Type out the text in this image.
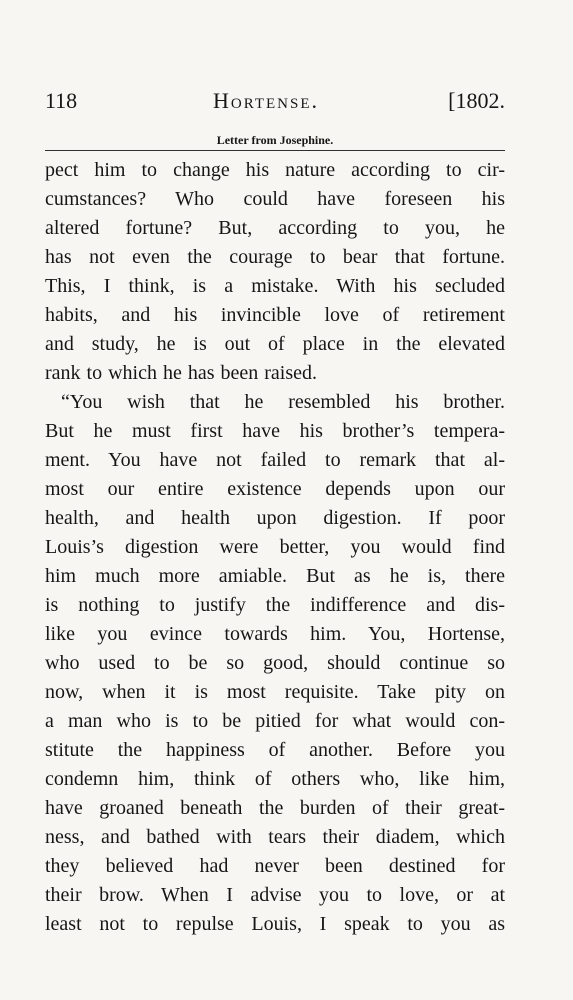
118	Hortense.	[1802.
Letter from Josephine.
pect him to change his nature according to cir-
cumstances? Who could have foreseen his
altered fortune? But, according to you, he
has not even the courage to bear that fortune.
This, I think, is a mistake. With his secluded
habits, and his invincible love of retirement
and study, he is out of place in the elevated
rank to which he has been raised.
“You wish that he resembled his brother.
But he must first have his brother’s tempera-
ment. You have not failed to remark that al-
most our entire existence depends upon our
health, and health upon digestion. If poor
Louis’s digestion were better, you would find
him much more amiable. But as he is, there
is nothing to justify the indifference and dis-
like you evince towards him. You, Hortense,
who used to be so good, should continue so
now, when it is most requisite. Take pity on
a man who is to be pitied for what would con-
stitute the happiness of another. Before you
condemn him, think of others who, like him,
have groaned beneath the burden of their great-
ness, and bathed with tears their diadem, which
they believed had never been destined for
their brow. When I advise you to love, or at
least not to repulse Louis, I speak to you as
